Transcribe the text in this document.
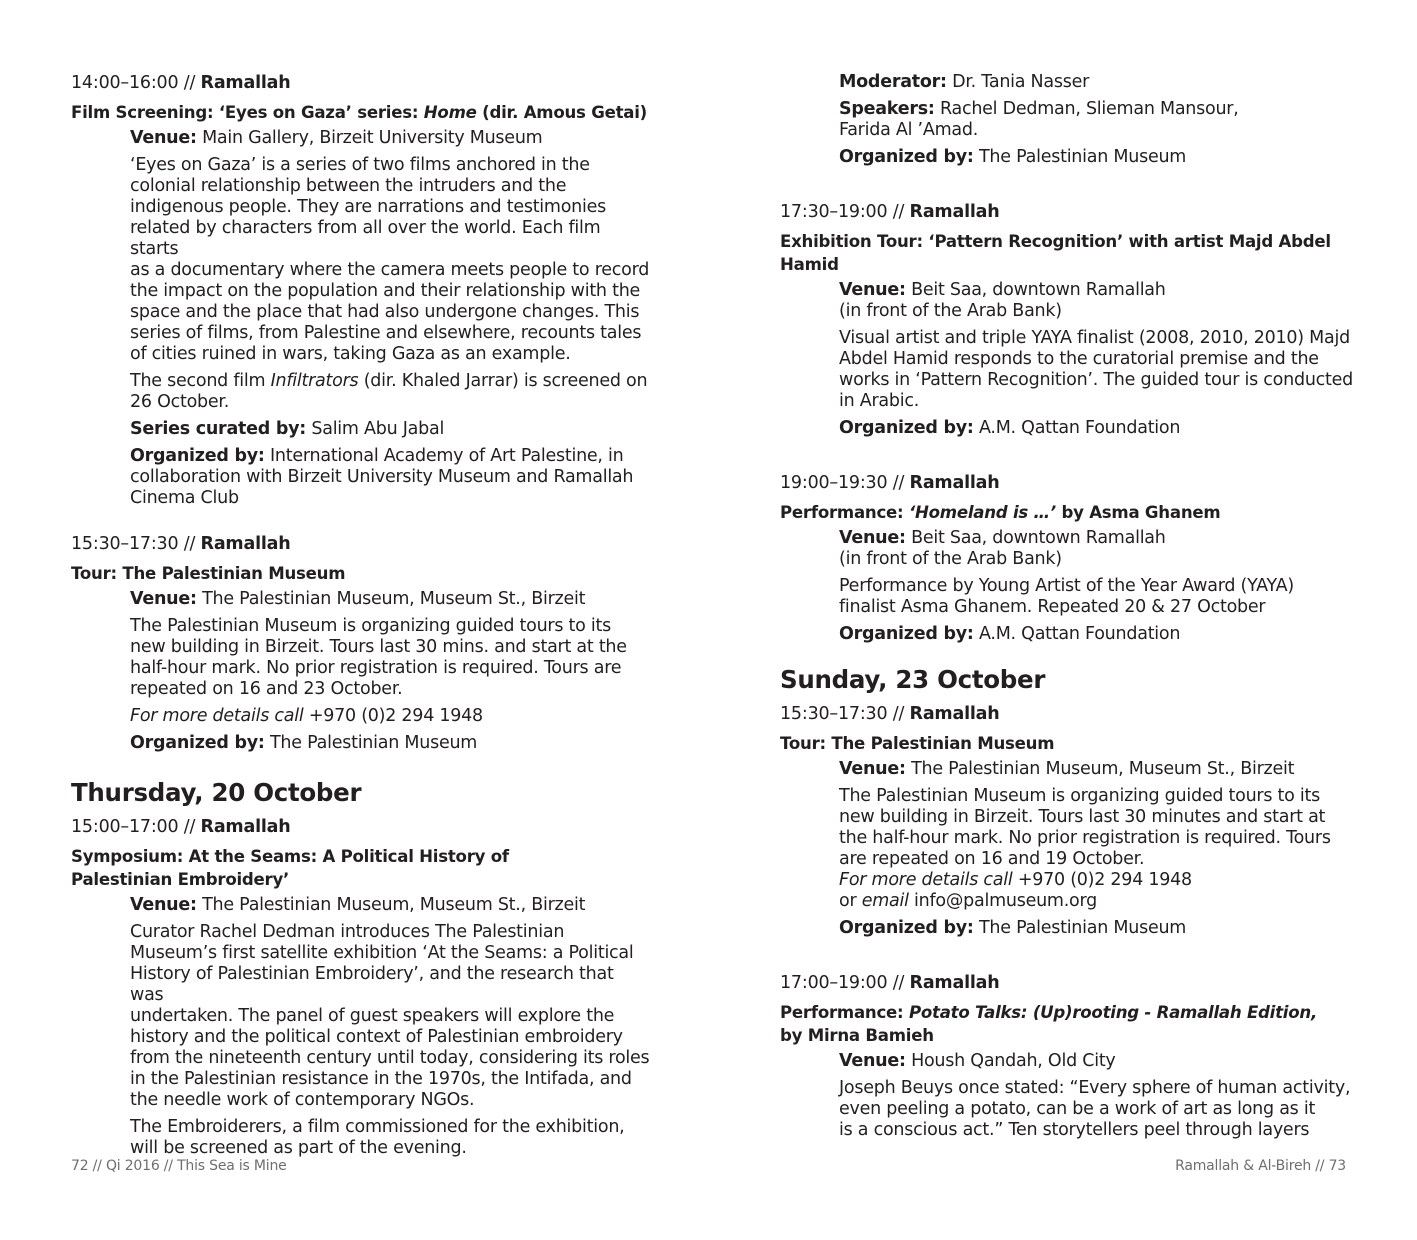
14:00–16:00 // Ramallah
Film Screening: ‘Eyes on Gaza’ series: Home (dir. Amous Getai)
Venue: Main Gallery, Birzeit University Museum
‘Eyes on Gaza’ is a series of two films anchored in the
colonial relationship between the intruders and the
indigenous people. They are narrations and testimonies
related by characters from all over the world. Each film starts
as a documentary where the camera meets people to record
the impact on the population and their relationship with the
space and the place that had also undergone changes. This
series of films, from Palestine and elsewhere, recounts tales
of cities ruined in wars, taking Gaza as an example.
The second film Infiltrators (dir. Khaled Jarrar) is screened on
26 October.
Series curated by: Salim Abu Jabal
Organized by: International Academy of Art Palestine, in
collaboration with Birzeit University Museum and Ramallah
Cinema Club
15:30–17:30 // Ramallah
Tour: The Palestinian Museum
Venue: The Palestinian Museum, Museum St., Birzeit
The Palestinian Museum is organizing guided tours to its
new building in Birzeit. Tours last 30 mins. and start at the
half-hour mark. No prior registration is required. Tours are
repeated on 16 and 23 October.
For more details call +970 (0)2 294 1948
Organized by: The Palestinian Museum
Thursday, 20 October
15:00–17:00 // Ramallah
Symposium: At the Seams: A Political History of
Palestinian Embroidery’
Venue: The Palestinian Museum, Museum St., Birzeit
Curator Rachel Dedman introduces The Palestinian
Museum’s first satellite exhibition ‘At the Seams: a Political
History of Palestinian Embroidery’, and the research that was
undertaken. The panel of guest speakers will explore the
history and the political context of Palestinian embroidery
from the nineteenth century until today, considering its roles
in the Palestinian resistance in the 1970s, the Intifada, and
the needle work of contemporary NGOs.
The Embroiderers, a film commissioned for the exhibition,
will be screened as part of the evening.
72 // Qi 2016 // This Sea is Mine
Moderator: Dr. Tania Nasser
Speakers: Rachel Dedman, Slieman Mansour,
Farida Al ’Amad.
Organized by: The Palestinian Museum
17:30–19:00 // Ramallah
Exhibition Tour: ‘Pattern Recognition’ with artist Majd Abdel Hamid
Venue: Beit Saa, downtown Ramallah
(in front of the Arab Bank)
Visual artist and triple YAYA finalist (2008, 2010, 2010) Majd
Abdel Hamid responds to the curatorial premise and the
works in ‘Pattern Recognition’. The guided tour is conducted
in Arabic.
Organized by: A.M. Qattan Foundation
19:00–19:30 // Ramallah
Performance: ‘Homeland is …’ by Asma Ghanem
Venue: Beit Saa, downtown Ramallah
(in front of the Arab Bank)
Performance by Young Artist of the Year Award (YAYA)
finalist Asma Ghanem. Repeated 20 & 27 October
Organized by: A.M. Qattan Foundation
Sunday, 23 October
15:30–17:30 // Ramallah
Tour: The Palestinian Museum
Venue: The Palestinian Museum, Museum St., Birzeit
The Palestinian Museum is organizing guided tours to its
new building in Birzeit. Tours last 30 minutes and start at
the half-hour mark. No prior registration is required. Tours
are repeated on 16 and 19 October.
For more details call +970 (0)2 294 1948
or email info@palmuseum.org
Organized by: The Palestinian Museum
17:00–19:00 // Ramallah
Performance: Potato Talks: (Up)rooting - Ramallah Edition,
by Mirna Bamieh
Venue: Housh Qandah, Old City
Joseph Beuys once stated: “Every sphere of human activity,
even peeling a potato, can be a work of art as long as it
is a conscious act.” Ten storytellers peel through layers
Ramallah & Al-Bireh // 73
